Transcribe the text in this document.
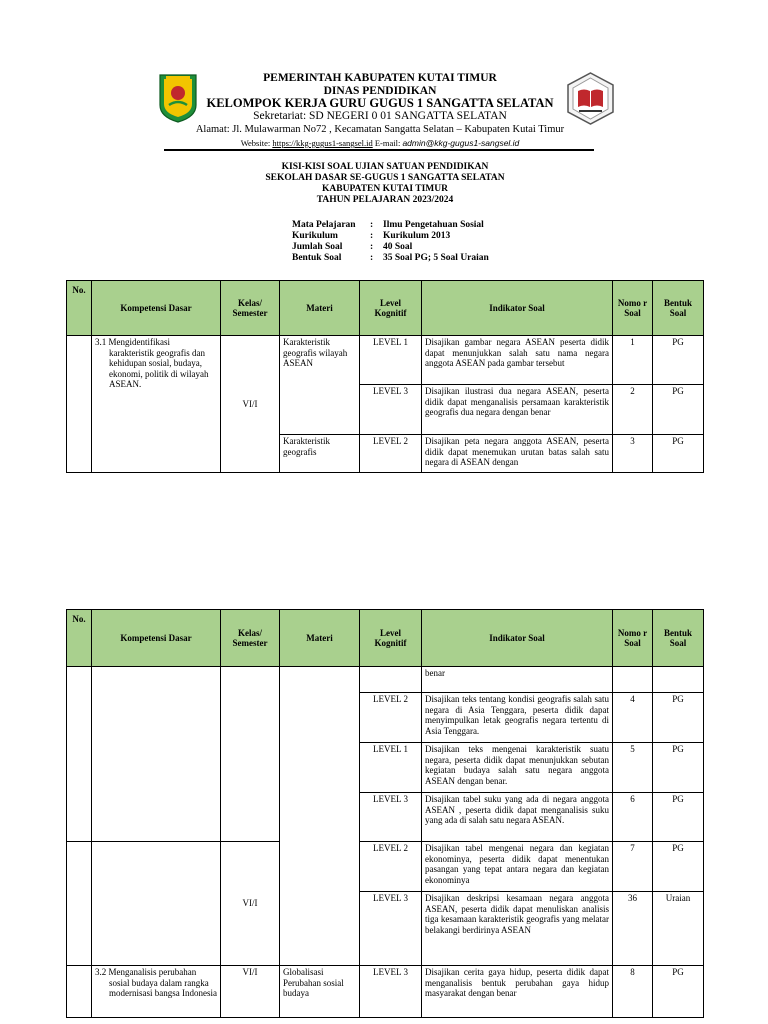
PEMERINTAH KABUPATEN KUTAI TIMUR
DINAS PENDIDIKAN
KELOMPOK KERJA GURU GUGUS 1 SANGATTA SELATAN
Sekretariat: SD NEGERI 0 01 SANGATTA SELATAN
Alamat: Jl. Mulawarman No72 , Kecamatan Sangatta Selatan – Kabupaten Kutai Timur
Website: https://kkg-gugus1-sangsel.id E-mail: admin@kkg-gugus1-sangsel.id
KISI-KISI SOAL UJIAN SATUAN PENDIDIKAN
SEKOLAH DASAR SE-GUGUS 1 SANGATTA SELATAN
KABUPATEN KUTAI TIMUR
TAHUN PELAJARAN 2023/2024
Mata Pelajaran	:	Ilmu Pengetahuan Sosial
Kurikulum	:	Kurikulum 2013
Jumlah Soal	:	40 Soal
Bentuk Soal	:	35 Soal PG; 5 Soal Uraian
No.	Kompetensi Dasar	Kelas/ Semester	Materi	Level Kognitif	Indikator Soal	Nomo r Soal	Bentuk Soal
	3.1 Mengidentifikasi karakteristik geografis dan kehidupan sosial, budaya, ekonomi, politik di wilayah ASEAN.	VI/I	Karakteristik geografis wilayah ASEAN	LEVEL 1	Disajikan gambar negara ASEAN peserta didik dapat menunjukkan salah satu nama negara anggota ASEAN pada gambar tersebut	1	PG
				LEVEL 3	Disajikan ilustrasi dua negara ASEAN, peserta didik dapat menganalisis persamaan karakteristik geografis dua negara dengan benar	2	PG
			Karakteristik geografis	LEVEL 2	Disajikan peta negara anggota ASEAN, peserta didik dapat menemukan urutan batas salah satu negara di ASEAN dengan	3	PG
No.	Kompetensi Dasar	Kelas/ Semester	Materi	Level Kognitif	Indikator Soal	Nomo r Soal	Bentuk Soal
					benar		
				LEVEL 2	Disajikan teks tentang kondisi geografis salah satu negara di Asia Tenggara, peserta didik dapat menyimpulkan letak geografis negara tertentu di Asia Tenggara.	4	PG
				LEVEL 1	Disajikan teks mengenai karakteristik suatu negara, peserta didik dapat menunjukkan sebutan kegiatan budaya salah satu negara anggota ASEAN dengan benar.	5	PG
				LEVEL 3	Disajikan tabel suku yang ada di negara anggota ASEAN , peserta didik dapat menganalisis suku yang ada di salah satu negara ASEAN.	6	PG
		VI/I		LEVEL 2	Disajikan tabel mengenai negara dan kegiatan ekonominya, peserta didik dapat menentukan pasangan yang tepat antara negara dan kegiatan ekonominya	7	PG
				LEVEL 3	Disajikan deskripsi kesamaan negara anggota ASEAN, peserta didik dapat menuliskan analisis tiga kesamaan karakteristik geografis yang melatar belakangi berdirinya ASEAN	36	Uraian
	3.2 Menganalisis perubahan sosial budaya dalam rangka modernisasi bangsa Indonesia	VI/I	Globalisasi Perubahan sosial budaya	LEVEL 3	Disajikan cerita gaya hidup, peserta didik dapat menganalisis bentuk perubahan gaya hidup masyarakat dengan benar	8	PG
